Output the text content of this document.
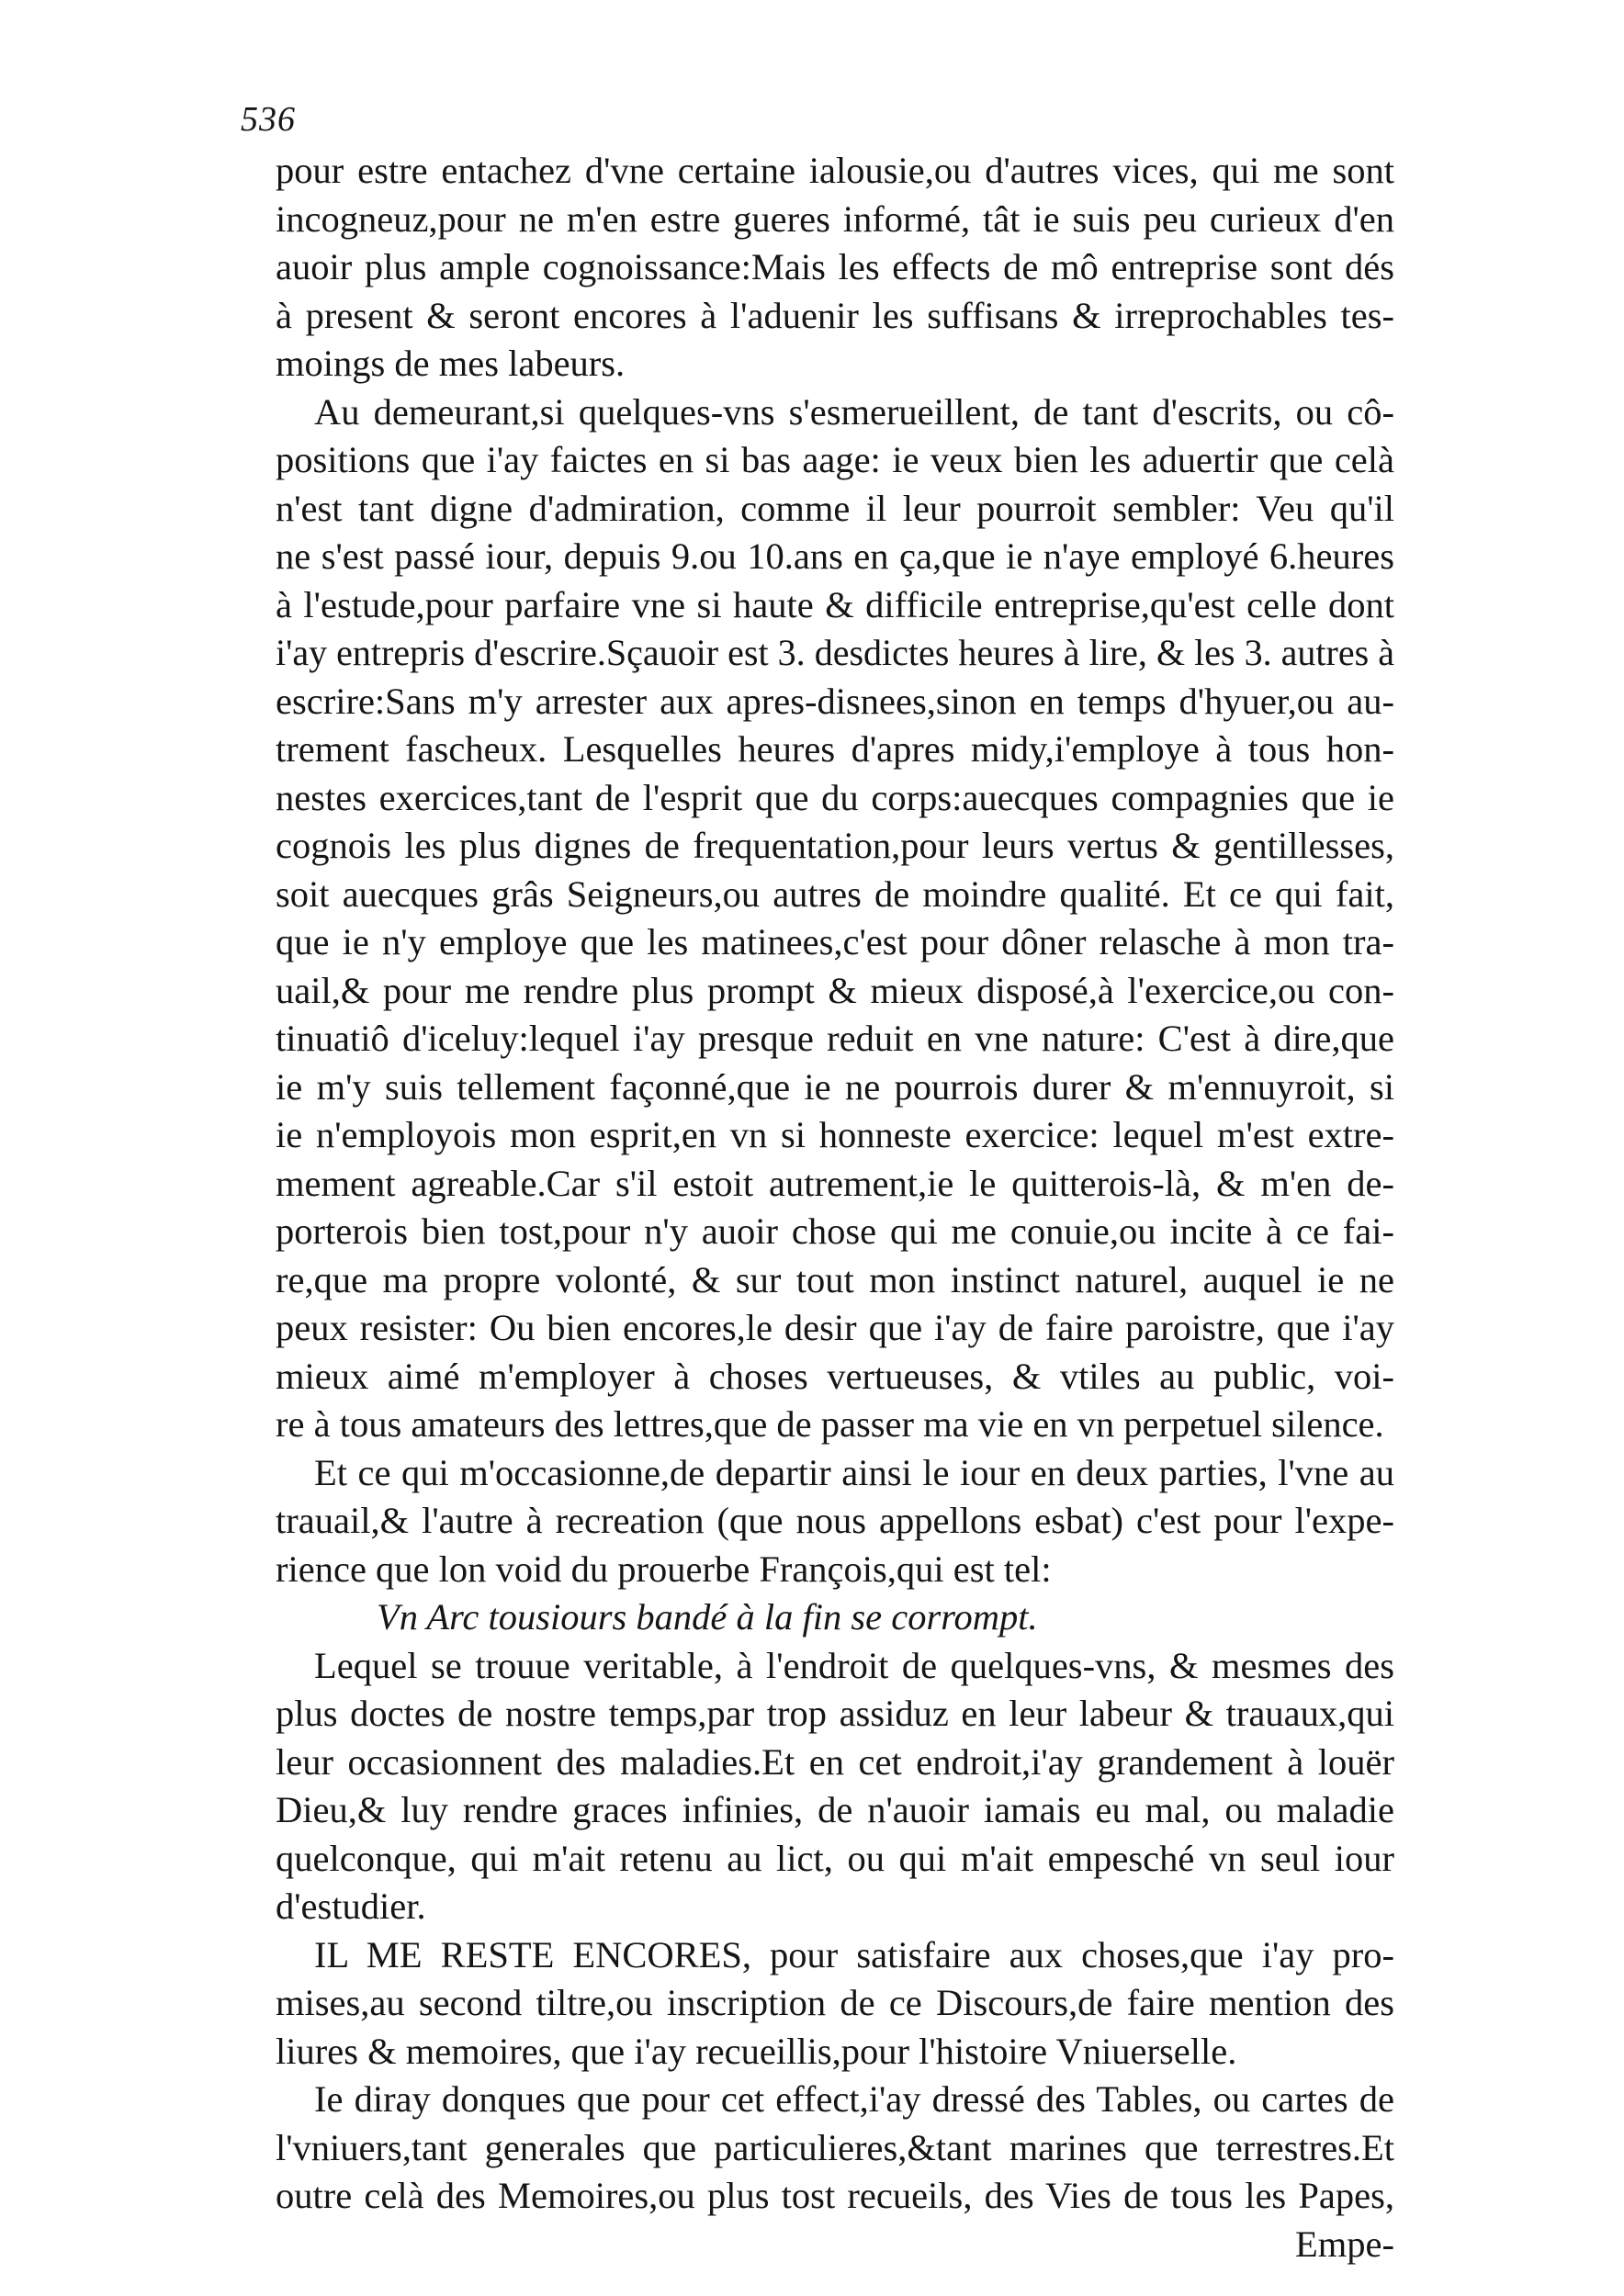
536
pour estre entachez d'vne certaine ialousie,ou d'autres vices, qui me sont
incogneuz,pour ne m'en estre gueres informé, tât ie suis peu curieux d'en
auoir plus ample cognoissance:Mais les effects de mô entreprise sont dés
à present & seront encores à l'aduenir les suffisans & irreprochables tes-
moings de mes labeurs.
Au demeurant,si quelques-vns s'esmerueillent, de tant d'escrits, ou cô-
positions que i'ay faictes en si bas aage: ie veux bien les aduertir que celà
n'est tant digne d'admiration, comme il leur pourroit sembler: Veu qu'il
ne s'est passé iour, depuis 9.ou 10.ans en ça,que ie n'aye employé 6.heures
à l'estude,pour parfaire vne si haute & difficile entreprise,qu'est celle dont
i'ay entrepris d'escrire.Sçauoir est 3. desdictes heures à lire, & les 3. autres à
escrire:Sans m'y arrester aux apres-disnees,sinon en temps d'hyuer,ou au-
trement fascheux. Lesquelles heures d'apres midy,i'employe à tous hon-
nestes exercices,tant de l'esprit que du corps:auecques compagnies que ie
cognois les plus dignes de frequentation,pour leurs vertus & gentillesses,
soit auecques grâs Seigneurs,ou autres de moindre qualité. Et ce qui fait,
que ie n'y employe que les matinees,c'est pour dôner relasche à mon tra-
uail,& pour me rendre plus prompt & mieux disposé,à l'exercice,ou con-
tinuatiô d'iceluy:lequel i'ay presque reduit en vne nature: C'est à dire,que
ie m'y suis tellement façonné,que ie ne pourrois durer & m'ennuyroit, si
ie n'employois mon esprit,en vn si honneste exercice: lequel m'est extre-
mement agreable.Car s'il estoit autrement,ie le quitterois-là, & m'en de-
porterois bien tost,pour n'y auoir chose qui me conuie,ou incite à ce fai-
re,que ma propre volonté, & sur tout mon instinct naturel, auquel ie ne
peux resister: Ou bien encores,le desir que i'ay de faire paroistre, que i'ay
mieux aimé m'employer à choses vertueuses, & vtiles au public, voi-
re à tous amateurs des lettres,que de passer ma vie en vn perpetuel silence.
Et ce qui m'occasionne,de departir ainsi le iour en deux parties, l'vne au
trauail,& l'autre à recreation (que nous appellons esbat) c'est pour l'expe-
rience que lon void du prouerbe François,qui est tel:
Vn Arc tousiours bandé à la fin se corrompt.
Lequel se trouue veritable, à l'endroit de quelques-vns, & mesmes des
plus doctes de nostre temps,par trop assiduz en leur labeur & trauaux,qui
leur occasionnent des maladies.Et en cet endroit,i'ay grandement à louër
Dieu,& luy rendre graces infinies, de n'auoir iamais eu mal, ou maladie
quelconque, qui m'ait retenu au lict, ou qui m'ait empesché vn seul iour
d'estudier.
IL ME RESTE ENCORES, pour satisfaire aux choses,que i'ay pro-
mises,au second tiltre,ou inscription de ce Discours,de faire mention des
liures & memoires, que i'ay recueillis,pour l'histoire Vniuerselle.
Ie diray donques que pour cet effect,i'ay dressé des Tables, ou cartes de
l'vniuers,tant generales que particulieres,&tant marines que terrestres.Et
outre celà des Memoires,ou plus tost recueils, des Vies de tous les Papes,
Empe-
